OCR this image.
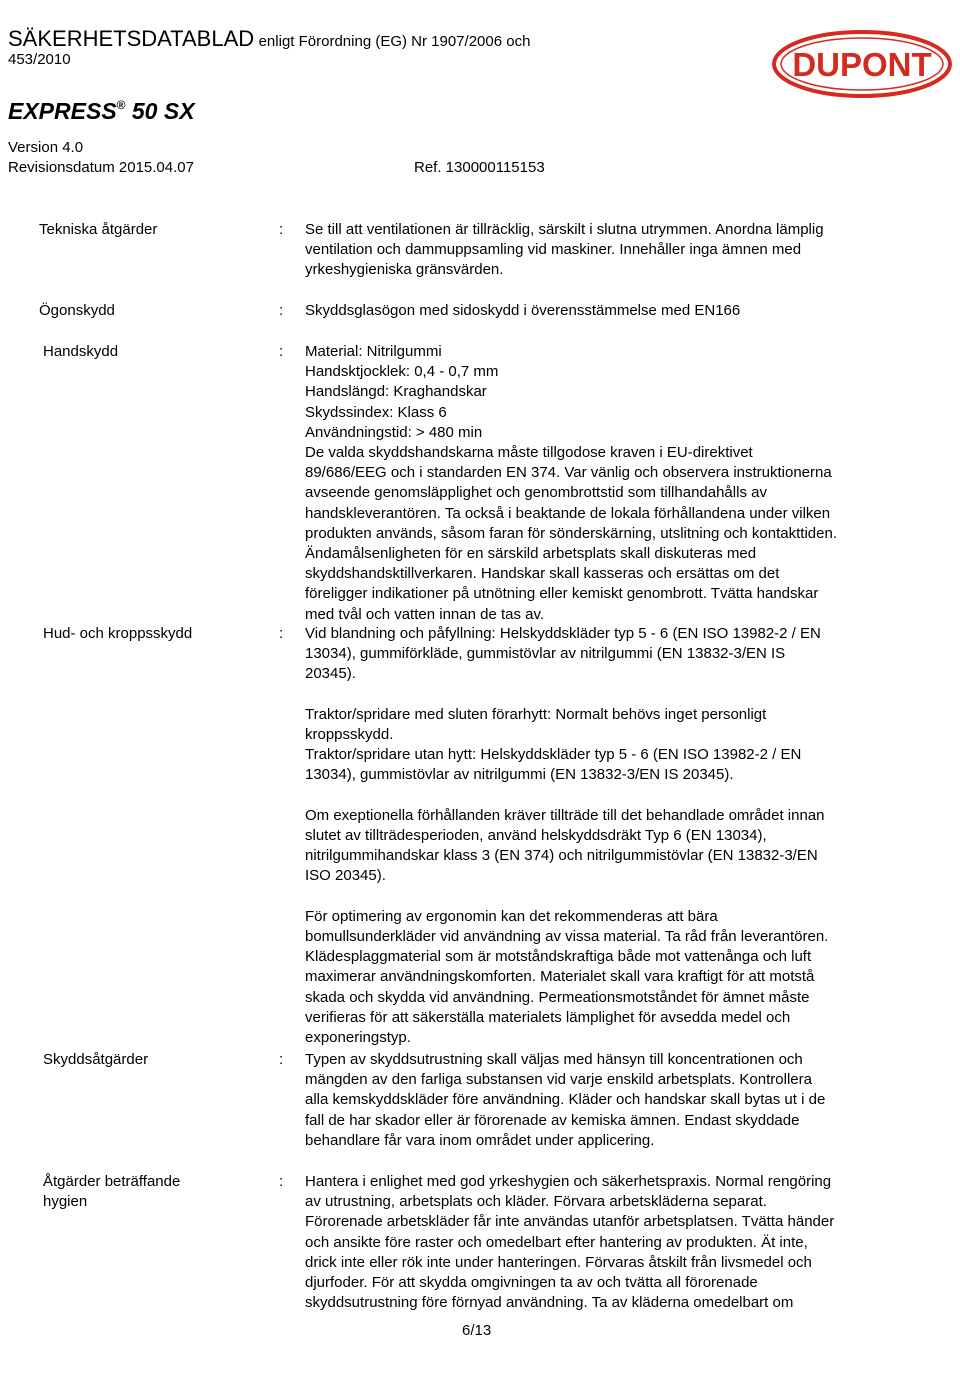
SÄKERHETSDATABLAD enligt Förordning (EG) Nr 1907/2006 och
453/2010
EXPRESS® 50 SX
Version 4.0
Revisionsdatum 2015.04.07	Ref. 130000115153
DUPONT
Tekniska åtgärder	: Se till att ventilationen är tillräcklig, särskilt i slutna utrymmen. Anordna lämplig
ventilation och dammuppsamling vid maskiner. Innehåller inga ämnen med
yrkeshygieniska gränsvärden.
Ögonskydd	: Skyddsglasögon med sidoskydd i överensstämmelse med EN166
Handskydd	: Material: Nitrilgummi
Handsktjocklek: 0,4 - 0,7 mm
Handslängd: Kraghandskar
Skydssindex: Klass 6
Användningstid: > 480 min
De valda skyddshandskarna måste tillgodose kraven i EU-direktivet
89/686/EEG och i standarden EN 374. Var vänlig och observera instruktionerna
avseende genomsläpplighet och genombrottstid som tillhandahålls av
handskleverantören. Ta också i beaktande de lokala förhållandena under vilken
produkten används, såsom faran för sönderskärning, utslitning och kontakttiden.
Ändamålsenligheten för en särskild arbetsplats skall diskuteras med
skyddshandsktillverkaren. Handskar skall kasseras och ersättas om det
föreligger indikationer på utnötning eller kemiskt genombrott. Tvätta handskar
med tvål och vatten innan de tas av.
Hud- och kroppsskydd	: Vid blandning och påfyllning: Helskyddskläder typ 5 - 6 (EN ISO 13982-2 / EN
13034), gummiförkläde, gummistövlar av nitrilgummi (EN 13832-3/EN IS
20345).

Traktor/spridare med sluten förarhytt: Normalt behövs inget personligt
kroppsskydd.
Traktor/spridare utan hytt: Helskyddskläder typ 5 - 6 (EN ISO 13982-2 / EN
13034), gummistövlar av nitrilgummi (EN 13832-3/EN IS 20345).

Om exeptionella förhållanden kräver tillträde till det behandlade området innan
slutet av tillträdesperioden, använd helskyddsdräkt Typ 6 (EN 13034),
nitrilgummihandskar klass 3 (EN 374) och nitrilgummistövlar (EN 13832-3/EN
ISO 20345).

För optimering av ergonomin kan det rekommenderas att bära
bomullsunderkläder vid användning av vissa material. Ta råd från leverantören.
Klädesplaggmaterial som är motståndskraftiga både mot vattenånga och luft
maximerar användningskomforten. Materialet skall vara kraftigt för att motstå
skada och skydda vid användning. Permeationsmotståndet för ämnet måste
verifieras för att säkerställa materialets lämplighet för avsedda medel och
exponeringstyp.

Skyddsåtgärder	: Typen av skyddsutrustning skall väljas med hänsyn till koncentrationen och
mängden av den farliga substansen vid varje enskild arbetsplats. Kontrollera
alla kemskyddskläder före användning. Kläder och handskar skall bytas ut i de
fall de har skador eller är förorenade av kemiska ämnen. Endast skyddade
behandlare får vara inom området under applicering.
Åtgärder beträffande
hygien
: Hantera i enlighet med god yrkeshygien och säkerhetspraxis. Normal rengöring
av utrustning, arbetsplats och kläder. Förvara arbetskläderna separat.
Förorenade arbetskläder får inte användas utanför arbetsplatsen. Tvätta händer
och ansikte före raster och omedelbart efter hantering av produkten. Ät inte,
drick inte eller rök inte under hanteringen. Förvaras åtskilt från livsmedel och
djurfoder. För att skydda omgivningen ta av och tvätta all förorenade
skyddsutrustning före förnyad användning. Ta av kläderna omedelbart om
6/13
